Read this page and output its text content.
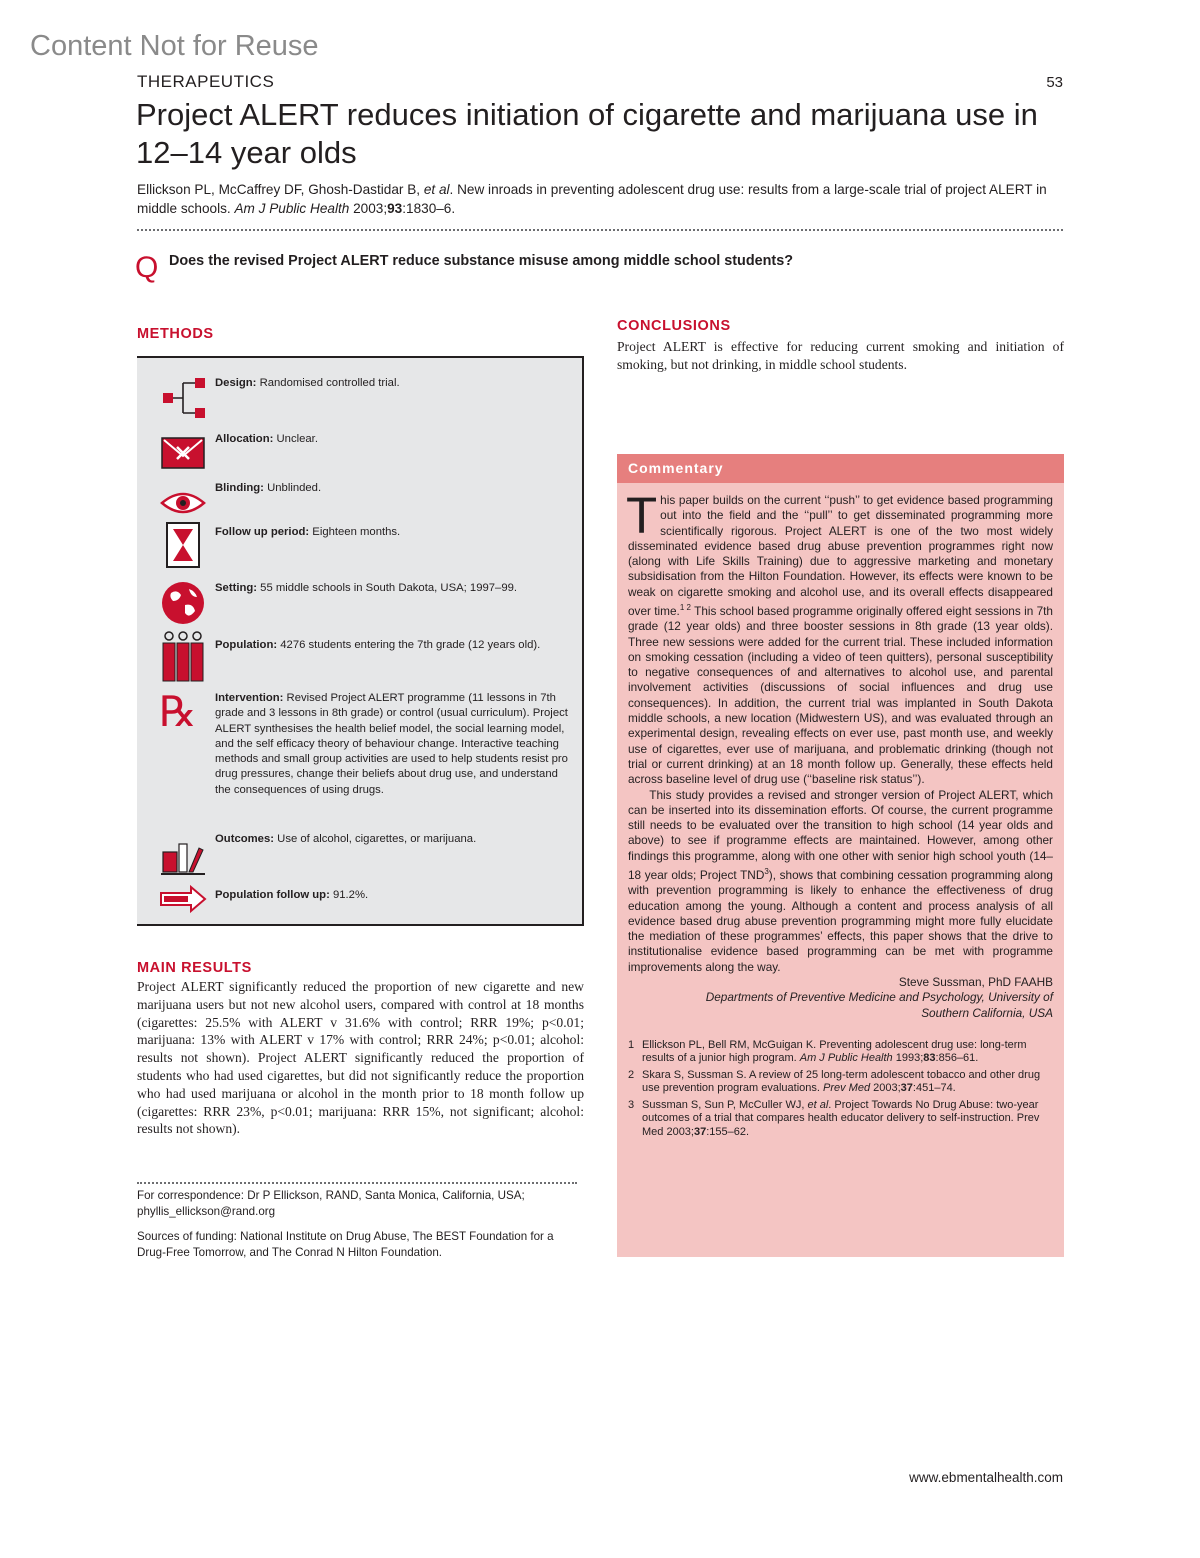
Content Not for Reuse
THERAPEUTICS	53
Project ALERT reduces initiation of cigarette and marijuana use in 12–14 year olds
Ellickson PL, McCaffrey DF, Ghosh-Dastidar B, et al. New inroads in preventing adolescent drug use: results from a large-scale trial of project ALERT in middle schools. Am J Public Health 2003;93:1830–6.
Q Does the revised Project ALERT reduce substance misuse among middle school students?
METHODS
Design: Randomised controlled trial.
Allocation: Unclear.
Blinding: Unblinded.
Follow up period: Eighteen months.
Setting: 55 middle schools in South Dakota, USA; 1997–99.
Population: 4276 students entering the 7th grade (12 years old).
℞	Intervention: Revised Project ALERT programme (11 lessons in 7th grade and 3 lessons in 8th grade) or control (usual curriculum). Project ALERT synthesises the health belief model, the social learning model, and the self efficacy theory of behaviour change. Interactive teaching methods and small group activities are used to help students resist pro drug pressures, change their beliefs about drug use, and understand the consequences of using drugs.
Outcomes: Use of alcohol, cigarettes, or marijuana.
Population follow up: 91.2%.
MAIN RESULTS

Project ALERT significantly reduced the proportion of new cigarette and new marijuana users but not new alcohol users, compared with control at 18 months (cigarettes: 25.5% with ALERT v 31.6% with control; RRR 19%; p<0.01; marijuana: 13% with ALERT v 17% with control; RRR 24%; p<0.01; alcohol: results not shown). Project ALERT significantly reduced the proportion of students who had used cigarettes, but did not significantly reduce the proportion who had used marijuana or alcohol in the month prior to 18 month follow up (cigarettes: RRR 23%, p<0.01; marijuana: RRR 15%, not significant; alcohol: results not shown).

For correspondence: Dr P Ellickson, RAND, Santa Monica, California, USA; phyllis_ellickson@rand.org

Sources of funding: National Institute on Drug Abuse, The BEST Foundation for a Drug-Free Tomorrow, and The Conrad N Hilton Foundation.

CONCLUSIONS

Project ALERT is effective for reducing current smoking and initiation of smoking, but not drinking, in middle school students.

Commentary

This paper builds on the current ‘‘push’’ to get evidence based programming out into the field and the ‘‘pull’’ to get disseminated programming more scientifically rigorous. Project ALERT is one of the two most widely disseminated evidence based drug abuse prevention programmes right now (along with Life Skills Training) due to aggressive marketing and monetary subsidisation from the Hilton Foundation. However, its effects were known to be weak on cigarette smoking and alcohol use, and its overall effects disappeared over time.$^{1 2}$ This school based programme originally offered eight sessions in 7th grade (12 year olds) and three booster sessions in 8th grade (13 year olds). Three new sessions were added for the current trial. These included information on smoking cessation (including a video of teen quitters), personal susceptibility to negative consequences of and alternatives to alcohol use, and parental involvement activities (discussions of social influences and drug use consequences). In addition, the current trial was implanted in South Dakota middle schools, a new location (Midwestern US), and was evaluated through an experimental design, revealing effects on ever use, past month use, and weekly use of cigarettes, ever use of marijuana, and problematic drinking (though not trial or current drinking) at an 18 month follow up. Generally, these effects held across baseline level of drug use (‘‘baseline risk status’’).

This study provides a revised and stronger version of Project ALERT, which can be inserted into its dissemination efforts. Of course, the current programme still needs to be evaluated over the transition to high school (14 year olds and above) to see if programme effects are maintained. However, among other findings this programme, along with one other with senior high school youth (14–18 year olds; Project TND$^3$), shows that combining cessation programming along with prevention programming is likely to enhance the effectiveness of drug education among the young. Although a content and process analysis of all evidence based drug abuse prevention programming might more fully elucidate the mediation of these programmes’ effects, this paper shows that the drive to institutionalise evidence based programming can be met with programme improvements along the way.

Steve Sussman, PhD FAAHB
Departments of Preventive Medicine and Psychology, University of Southern California, USA
1 Ellickson PL, Bell RM, McGuigan K. Preventing adolescent drug use: long-term results of a junior high program. Am J Public Health 1993;83:856–61.
2 Skara S, Sussman S. A review of 25 long-term adolescent tobacco and other drug use prevention program evaluations. Prev Med 2003;37:451–74.
3 Sussman S, Sun P, McCuller WJ, et al. Project Towards No Drug Abuse: two-year outcomes of a trial that compares health educator delivery to self-instruction. Prev Med 2003;37:155–62.
www.ebmentalhealth.com
